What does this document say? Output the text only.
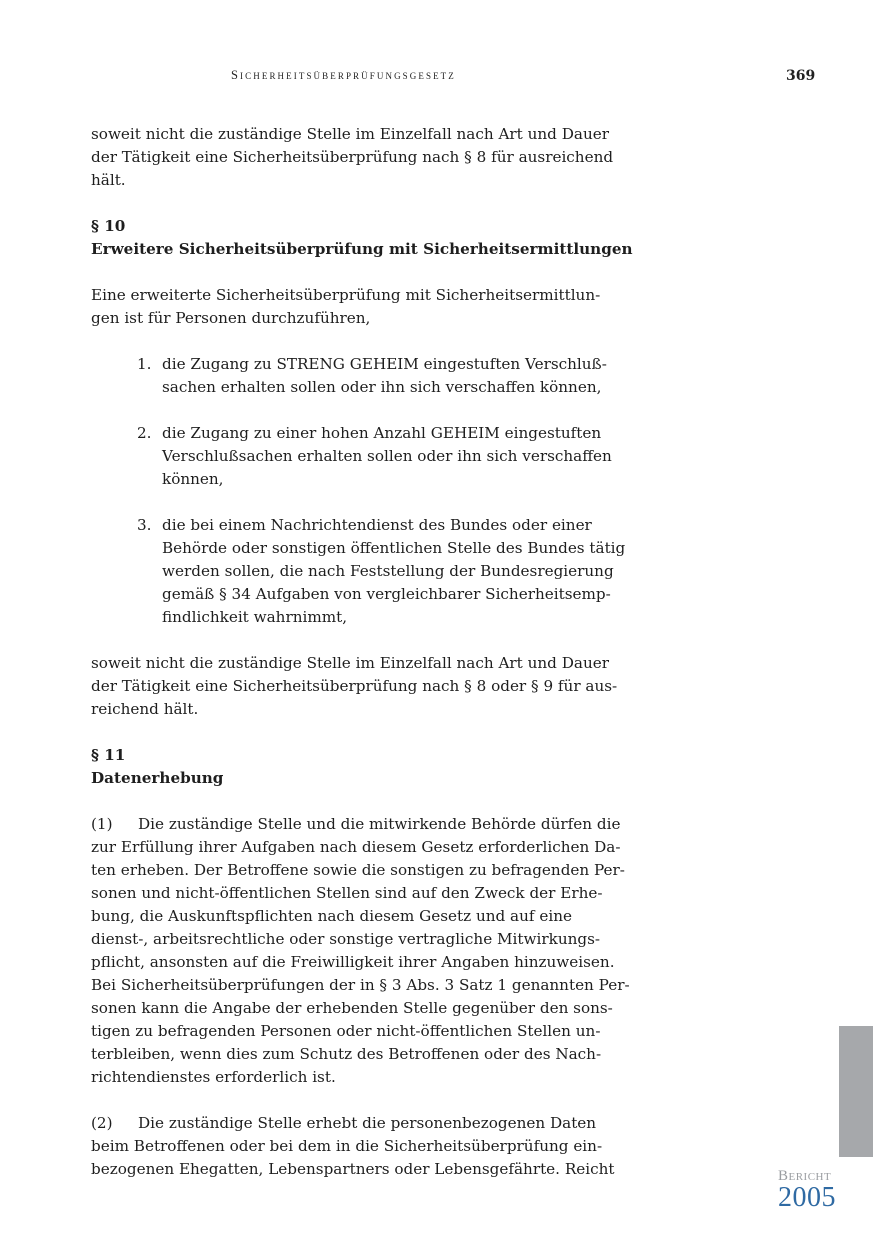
Sicherheitsüberprüfungsgesetz	369

soweit nicht die zuständige Stelle im Einzelfall nach Art und Dauer
der Tätigkeit eine Sicherheitsüberprüfung nach § 8 für ausreichend
hält.

§ 10

Erweitere Sicherheitsüberprüfung mit Sicherheitsermittlungen

Eine erweiterte Sicherheitsüberprüfung mit Sicherheitsermittlun-
gen ist für Personen durchzuführen,

1. die Zugang zu STRENG GEHEIM eingestuften Verschluß-
sachen erhalten sollen oder ihn sich verschaffen können,
2. die Zugang zu einer hohen Anzahl GEHEIM eingestuften
Verschlußsachen erhalten sollen oder ihn sich verschaffen
können,
3. die bei einem Nachrichtendienst des Bundes oder einer
Behörde oder sonstigen öffentlichen Stelle des Bundes tätig
werden sollen, die nach Feststellung der Bundesregierung
gemäß § 34 Aufgaben von vergleichbarer Sicherheitsemp-
findlichkeit wahrnimmt,

soweit nicht die zuständige Stelle im Einzelfall nach Art und Dauer
der Tätigkeit eine Sicherheitsüberprüfung nach § 8 oder § 9 für aus-
reichend hält.

§ 11

Datenerhebung

(1) Die zuständige Stelle und die mitwirkende Behörde dürfen die
zur Erfüllung ihrer Aufgaben nach diesem Gesetz erforderlichen Da-
ten erheben. Der Betroffene sowie die sonstigen zu befragenden Per-
sonen und nicht-öffentlichen Stellen sind auf den Zweck der Erhe-
bung, die Auskunftspflichten nach diesem Gesetz und auf eine
dienst-, arbeitsrechtliche oder sonstige vertragliche Mitwirkungs-
pflicht, ansonsten auf die Freiwilligkeit ihrer Angaben hinzuweisen.
Bei Sicherheitsüberprüfungen der in § 3 Abs. 3 Satz 1 genannten Per-
sonen kann die Angabe der erhebenden Stelle gegenüber den sons-
tigen zu befragenden Personen oder nicht-öffentlichen Stellen un-
terbleiben, wenn dies zum Schutz des Betroffenen oder des Nach-
richtendienstes erforderlich ist.

(2) Die zuständige Stelle erhebt die personenbezogenen Daten
beim Betroffenen oder bei dem in die Sicherheitsüberprüfung ein-
bezogenen Ehegatten, Lebenspartners oder Lebensgefährte. Reicht	Bericht
2005
